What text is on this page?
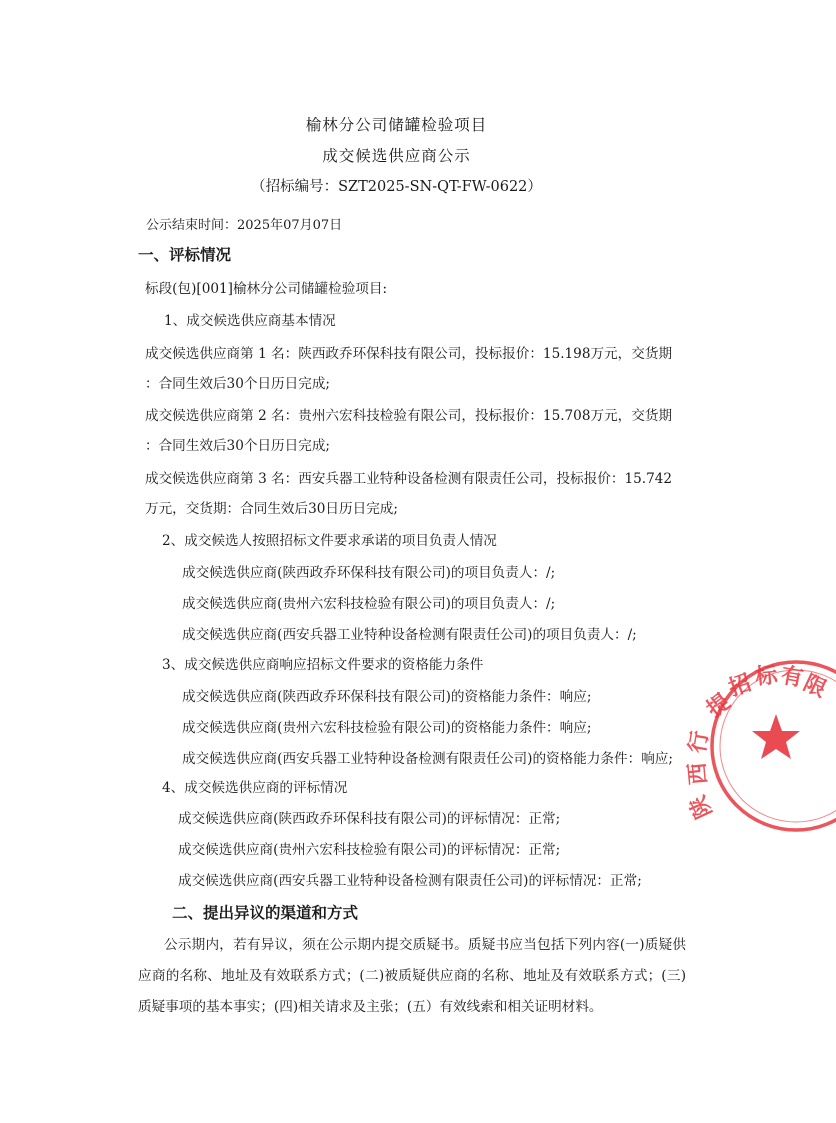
榆林分公司储罐检验项目
成交候选供应商公示
（招标编号：SZT2025-SN-QT-FW-0622）
公示结束时间：2025年07月07日
一、评标情况
标段(包)[001]榆林分公司储罐检验项目:
1、成交候选供应商基本情况
成交候选供应商第 1 名：陕西政乔环保科技有限公司，投标报价：15.198万元，交货期
：合同生效后30个日历日完成;
成交候选供应商第 2 名：贵州六宏科技检验有限公司，投标报价：15.708万元，交货期
：合同生效后30个日历日完成;
成交候选供应商第 3 名：西安兵器工业特种设备检测有限责任公司，投标报价：15.742
万元，交货期：合同生效后30日历日完成;
2、成交候选人按照招标文件要求承诺的项目负责人情况
成交候选供应商(陕西政乔环保科技有限公司)的项目负责人：/;
成交候选供应商(贵州六宏科技检验有限公司)的项目负责人：/;
成交候选供应商(西安兵器工业特种设备检测有限责任公司)的项目负责人：/;
3、成交候选供应商响应招标文件要求的资格能力条件
成交候选供应商(陕西政乔环保科技有限公司)的资格能力条件：响应;
成交候选供应商(贵州六宏科技检验有限公司)的资格能力条件：响应;
成交候选供应商(西安兵器工业特种设备检测有限责任公司)的资格能力条件：响应;
4、成交候选供应商的评标情况
成交候选供应商(陕西政乔环保科技有限公司)的评标情况：正常;
成交候选供应商(贵州六宏科技检验有限公司)的评标情况：正常;
成交候选供应商(西安兵器工业特种设备检测有限责任公司)的评标情况：正常;
二、提出异议的渠道和方式
公示期内，若有异议，须在公示期内提交质疑书。质疑书应当包括下列内容(一)质疑供应商的名称、地址及有效联系方式；(二)被质疑供应商的名称、地址及有效联系方式；(三)质疑事项的基本事实；(四)相关请求及主张；(五）有效线索和相关证明材料。
提
招 标 有
限
行
西
陕
